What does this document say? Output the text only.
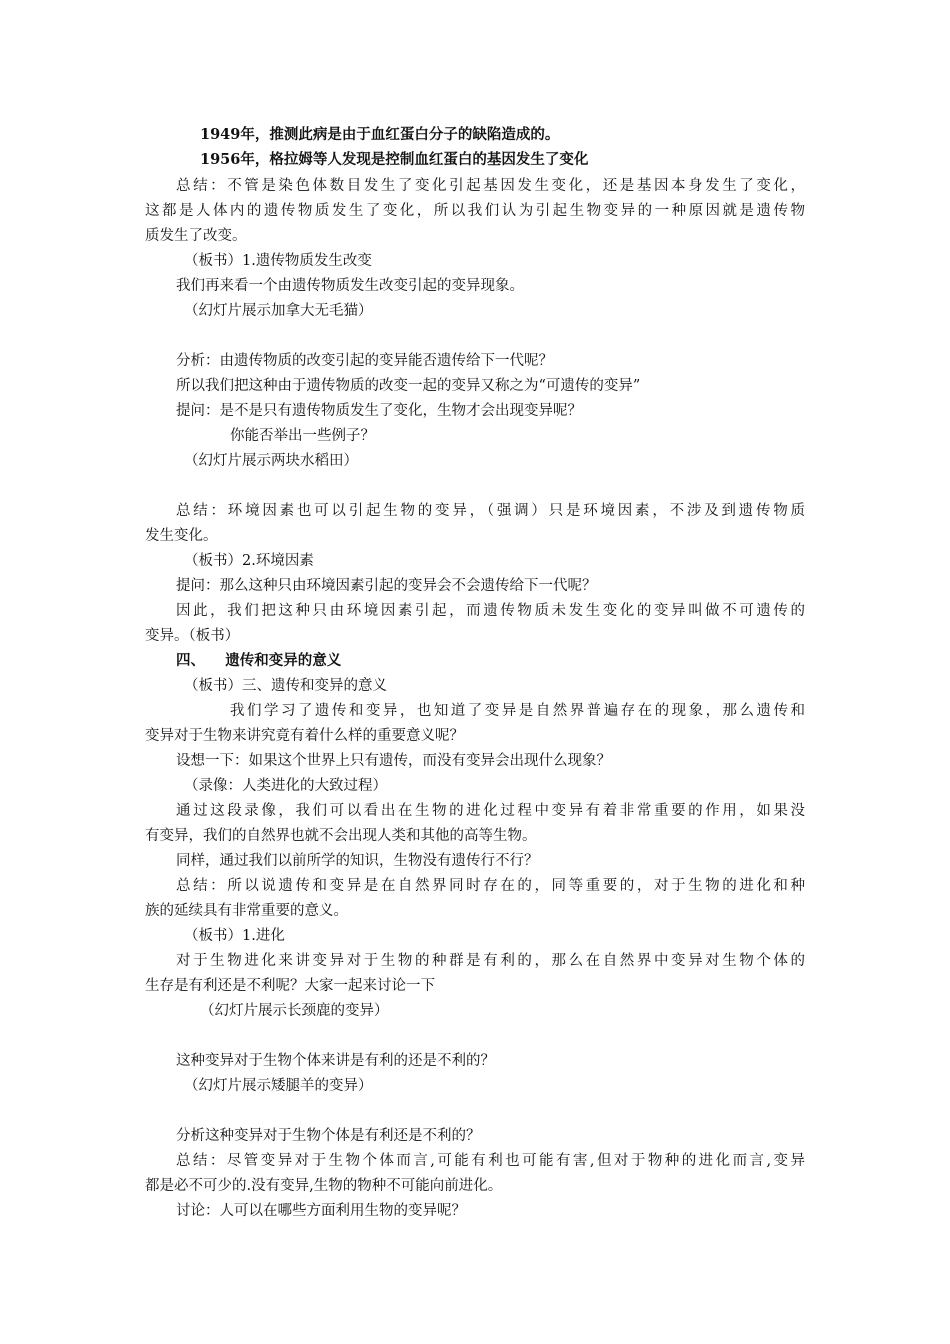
1949年，推测此病是由于血红蛋白分子的缺陷造成的。
1956年，格拉姆等人发现是控制血红蛋白的基因发生了变化
总结：不管是染色体数目发生了变化引起基因发生变化，还是基因本身发生了变化，
这都是人体内的遗传物质发生了变化，所以我们认为引起生物变异的一种原因就是遗传物
质发生了改变。
（板书）1.遗传物质发生改变
我们再来看一个由遗传物质发生改变引起的变异现象。
（幻灯片展示加拿大无毛猫）
分析：由遗传物质的改变引起的变异能否遗传给下一代呢？
所以我们把这种由于遗传物质的改变一起的变异又称之为“可遗传的变异”
提问：是不是只有遗传物质发生了变化，生物才会出现变异呢？
你能否举出一些例子？
（幻灯片展示两块水稻田）
总结：环境因素也可以引起生物的变异，（强调）只是环境因素，不涉及到遗传物质
发生变化。
（板书）2.环境因素
提问：那么这种只由环境因素引起的变异会不会遗传给下一代呢？
因此，我们把这种只由环境因素引起，而遗传物质未发生变化的变异叫做不可遗传的
变异。（板书）
四、    遗传和变异的意义
（板书）三、遗传和变异的意义
我们学习了遗传和变异，也知道了变异是自然界普遍存在的现象，那么遗传和
变异对于生物来讲究竟有着什么样的重要意义呢？
设想一下：如果这个世界上只有遗传，而没有变异会出现什么现象？
（录像：人类进化的大致过程）
通过这段录像，我们可以看出在生物的进化过程中变异有着非常重要的作用，如果没
有变异，我们的自然界也就不会出现人类和其他的高等生物。
同样，通过我们以前所学的知识，生物没有遗传行不行？
总结：所以说遗传和变异是在自然界同时存在的，同等重要的，对于生物的进化和种
族的延续具有非常重要的意义。
（板书）1.进化
对于生物进化来讲变异对于生物的种群是有利的，那么在自然界中变异对生物个体的
生存是有利还是不利呢？大家一起来讨论一下
（幻灯片展示长颈鹿的变异）
这种变异对于生物个体来讲是有利的还是不利的？
（幻灯片展示矮腿羊的变异）
分析这种变异对于生物个体是有利还是不利的？
总结：尽管变异对于生物个体而言,可能有利也可能有害,但对于物种的进化而言,变异
都是必不可少的.没有变异,生物的物种不可能向前进化。
讨论：人可以在哪些方面利用生物的变异呢？
